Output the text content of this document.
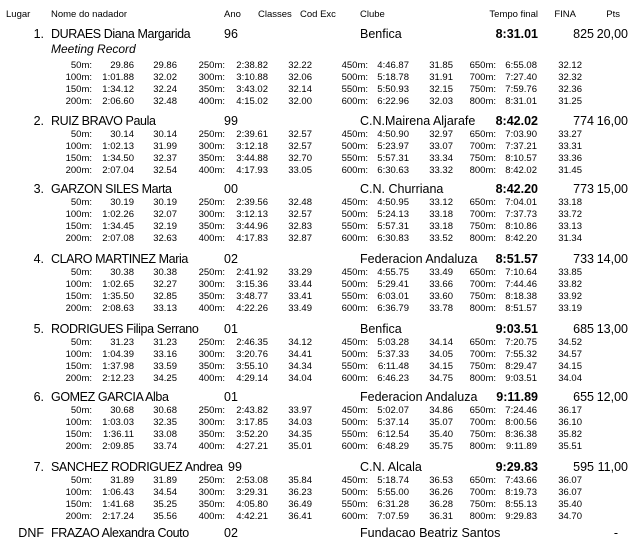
Lugar Nome do nadador	Ano Classes Cod Exc	Clube	Tempo final FINA	Pts
1. DURAES Diana Margarida	96	Benfica	8:31.01	825 20,00
Meeting Record
50m: 29.86 29.86 250m: 2:38.82 32.22	450m: 4:46.87 31.85 650m: 6:55.08 32.12
100m: 1:01.88 32.02 300m: 3:10.88 32.06	500m: 5:18.78 31.91 700m: 7:27.40 32.32
150m: 1:34.12 32.24 350m: 3:43.02 32.14	550m: 5:50.93 32.15 750m: 7:59.76 32.36
200m: 2:06.60 32.48 400m: 4:15.02 32.00	600m: 6:22.96 32.03 800m: 8:31.01 31.25
2. RUIZ BRAVO Paula	99	C.N.Mairena Aljarafe 8:42.02	774 16,00
50m: 30.14 30.14 250m: 2:39.61 32.57	450m: 4:50.90 32.97 650m: 7:03.90 33.27
100m: 1:02.13 31.99 300m: 3:12.18 32.57	500m: 5:23.97 33.07 700m: 7:37.21 33.31
150m: 1:34.50 32.37 350m: 3:44.88 32.70	550m: 5:57.31 33.34 750m: 8:10.57 33.36
200m: 2:07.04 32.54 400m: 4:17.93 33.05	600m: 6:30.63 33.32 800m: 8:42.02 31.45
3. GARZON SILES Marta	00	C.N. Churriana	8:42.20	773 15,00
50m: 30.19 30.19 250m: 2:39.56 32.48	450m: 4:50.95 33.12 650m: 7:04.01 33.18
100m: 1:02.26 32.07 300m: 3:12.13 32.57	500m: 5:24.13 33.18 700m: 7:37.73 33.72
150m: 1:34.45 32.19 350m: 3:44.96 32.83	550m: 5:57.31 33.18 750m: 8:10.86 33.13
200m: 2:07.08 32.63 400m: 4:17.83 32.87	600m: 6:30.83 33.52 800m: 8:42.20 31.34
4. CLARO MARTINEZ Maria	02	Federacion Andaluza 8:51.57	733 14,00
50m: 30.38 30.38 250m: 2:41.92 33.29	450m: 4:55.75 33.49 650m: 7:10.64 33.85
100m: 1:02.65 32.27 300m: 3:15.36 33.44	500m: 5:29.41 33.66 700m: 7:44.46 33.82
150m: 1:35.50 32.85 350m: 3:48.77 33.41	550m: 6:03.01 33.60 750m: 8:18.38 33.92
200m: 2:08.63 33.13 400m: 4:22.26 33.49	600m: 6:36.79 33.78 800m: 8:51.57 33.19
5. RODRIGUES Filipa Serrano 01	Benfica	9:03.51	685 13,00
50m: 31.23 31.23 250m: 2:46.35 34.12	450m: 5:03.28 34.14 650m: 7:20.75 34.52
100m: 1:04.39 33.16 300m: 3:20.76 34.41	500m: 5:37.33 34.05 700m: 7:55.32 34.57
150m: 1:37.98 33.59 350m: 3:55.10 34.34	550m: 6:11.48 34.15 750m: 8:29.47 34.15
200m: 2:12.23 34.25 400m: 4:29.14 34.04	600m: 6:46.23 34.75 800m: 9:03.51 34.04
6. GOMEZ GARCIA Alba	01	Federacion Andaluza 9:11.89	655 12,00
50m: 30.68 30.68 250m: 2:43.82 33.97	450m: 5:02.07 34.86 650m: 7:24.46 36.17
100m: 1:03.03 32.35 300m: 3:17.85 34.03	500m: 5:37.14 35.07 700m: 8:00.56 36.10
150m: 1:36.11 33.08 350m: 3:52.20 34.35	550m: 6:12.54 35.40 750m: 8:36.38 35.82
200m: 2:09.85 33.74 400m: 4:27.21 35.01	600m: 6:48.29 35.75 800m: 9:11.89 35.51
7. SANCHEZ RODRIGUEZ Andrea 99	C.N. Alcala	9:29.83	595 11,00
50m: 31.89 31.89 250m: 2:53.08 35.84	450m: 5:18.74 36.53 650m: 7:43.66 36.07
100m: 1:06.43 34.54 300m: 3:29.31 36.23	500m: 5:55.00 36.26 700m: 8:19.73 36.07
150m: 1:41.68 35.25 350m: 4:05.80 36.49	550m: 6:31.28 36.28 750m: 8:55.13 35.40
200m: 2:17.24 35.56 400m: 4:42.21 36.41	600m: 7:07.59 36.31 800m: 9:29.83 34.70
DNF FRAZAO Alexandra Couto	02	Fundacao Beatriz Santos	-
